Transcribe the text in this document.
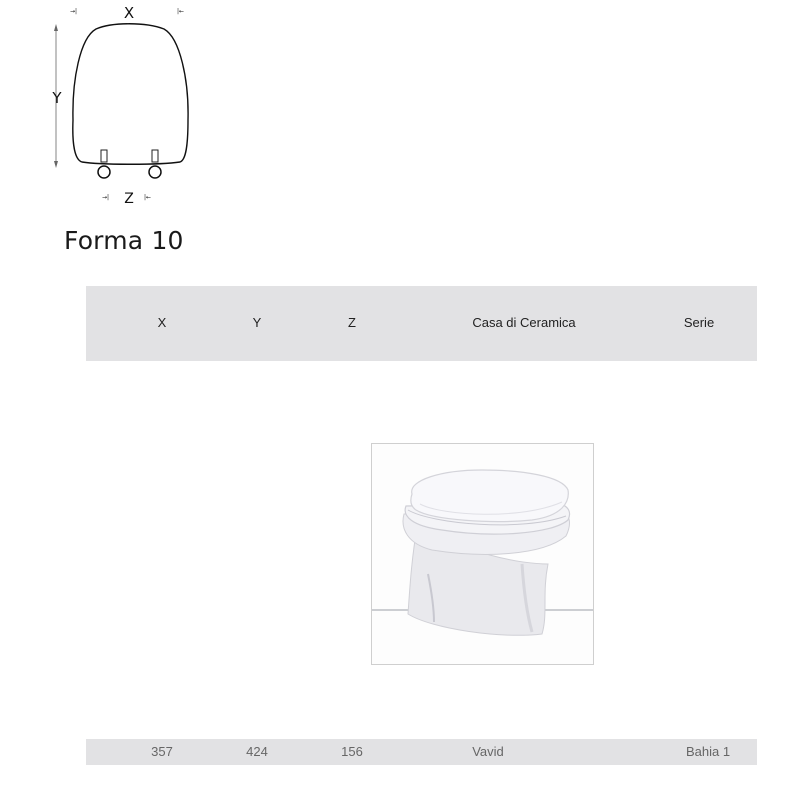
→|	|←
X

Y
→|	|←
Z
Forma 10
X	Y	Z	Casa di Ceramica	Serie
357	424	156	Vavid	Bahia 1
